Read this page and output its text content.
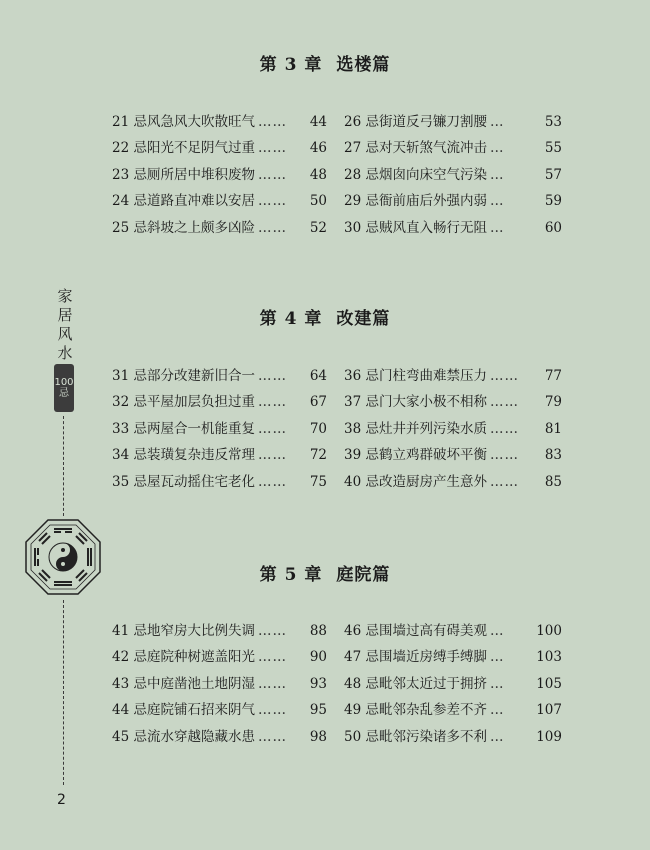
家
居
风
水
100
忌
2
第 3 章 选楼篇
21 忌风急风大吹散旺气 ……	44 26 忌街道反弓镰刀割腰 …	53
22 忌阳光不足阴气过重 ……	46 27 忌对天斩煞气流冲击 …	55
23 忌厕所居中堆积废物 ……	48 28 忌烟囱向床空气污染 …	57
24 忌道路直冲难以安居 ……	50 29 忌衙前庙后外强内弱 …	59
25 忌斜坡之上颇多凶险 ……	52 30 忌贼风直入畅行无阻 …	60
第 4 章 改建篇
31 忌部分改建新旧合一 ……	64 36 忌门柱弯曲难禁压力 ……	77
32 忌平屋加层负担过重 ……	67 37 忌门大家小极不相称 ……	79
33 忌两屋合一机能重复 ……	70 38 忌灶井并列污染水质 ……	81
34 忌装璜复杂违反常理 ……	72 39 忌鹤立鸡群破坏平衡 ……	83
35 忌屋瓦动摇住宅老化 ……	75 40 忌改造厨房产生意外 ……	85
第 5 章 庭院篇
41 忌地窄房大比例失调 ……	88 46 忌围墙过高有碍美观 …	100
42 忌庭院种树遮盖阳光 ……	90 47 忌围墙近房缚手缚脚 …	103
43 忌中庭凿池土地阴湿 ……	93 48 忌毗邻太近过于拥挤 …	105
44 忌庭院铺石招来阴气 ……	95 49 忌毗邻杂乱参差不齐 …	107
45 忌流水穿越隐藏水患 ……	98 50 忌毗邻污染诸多不利 …	109
